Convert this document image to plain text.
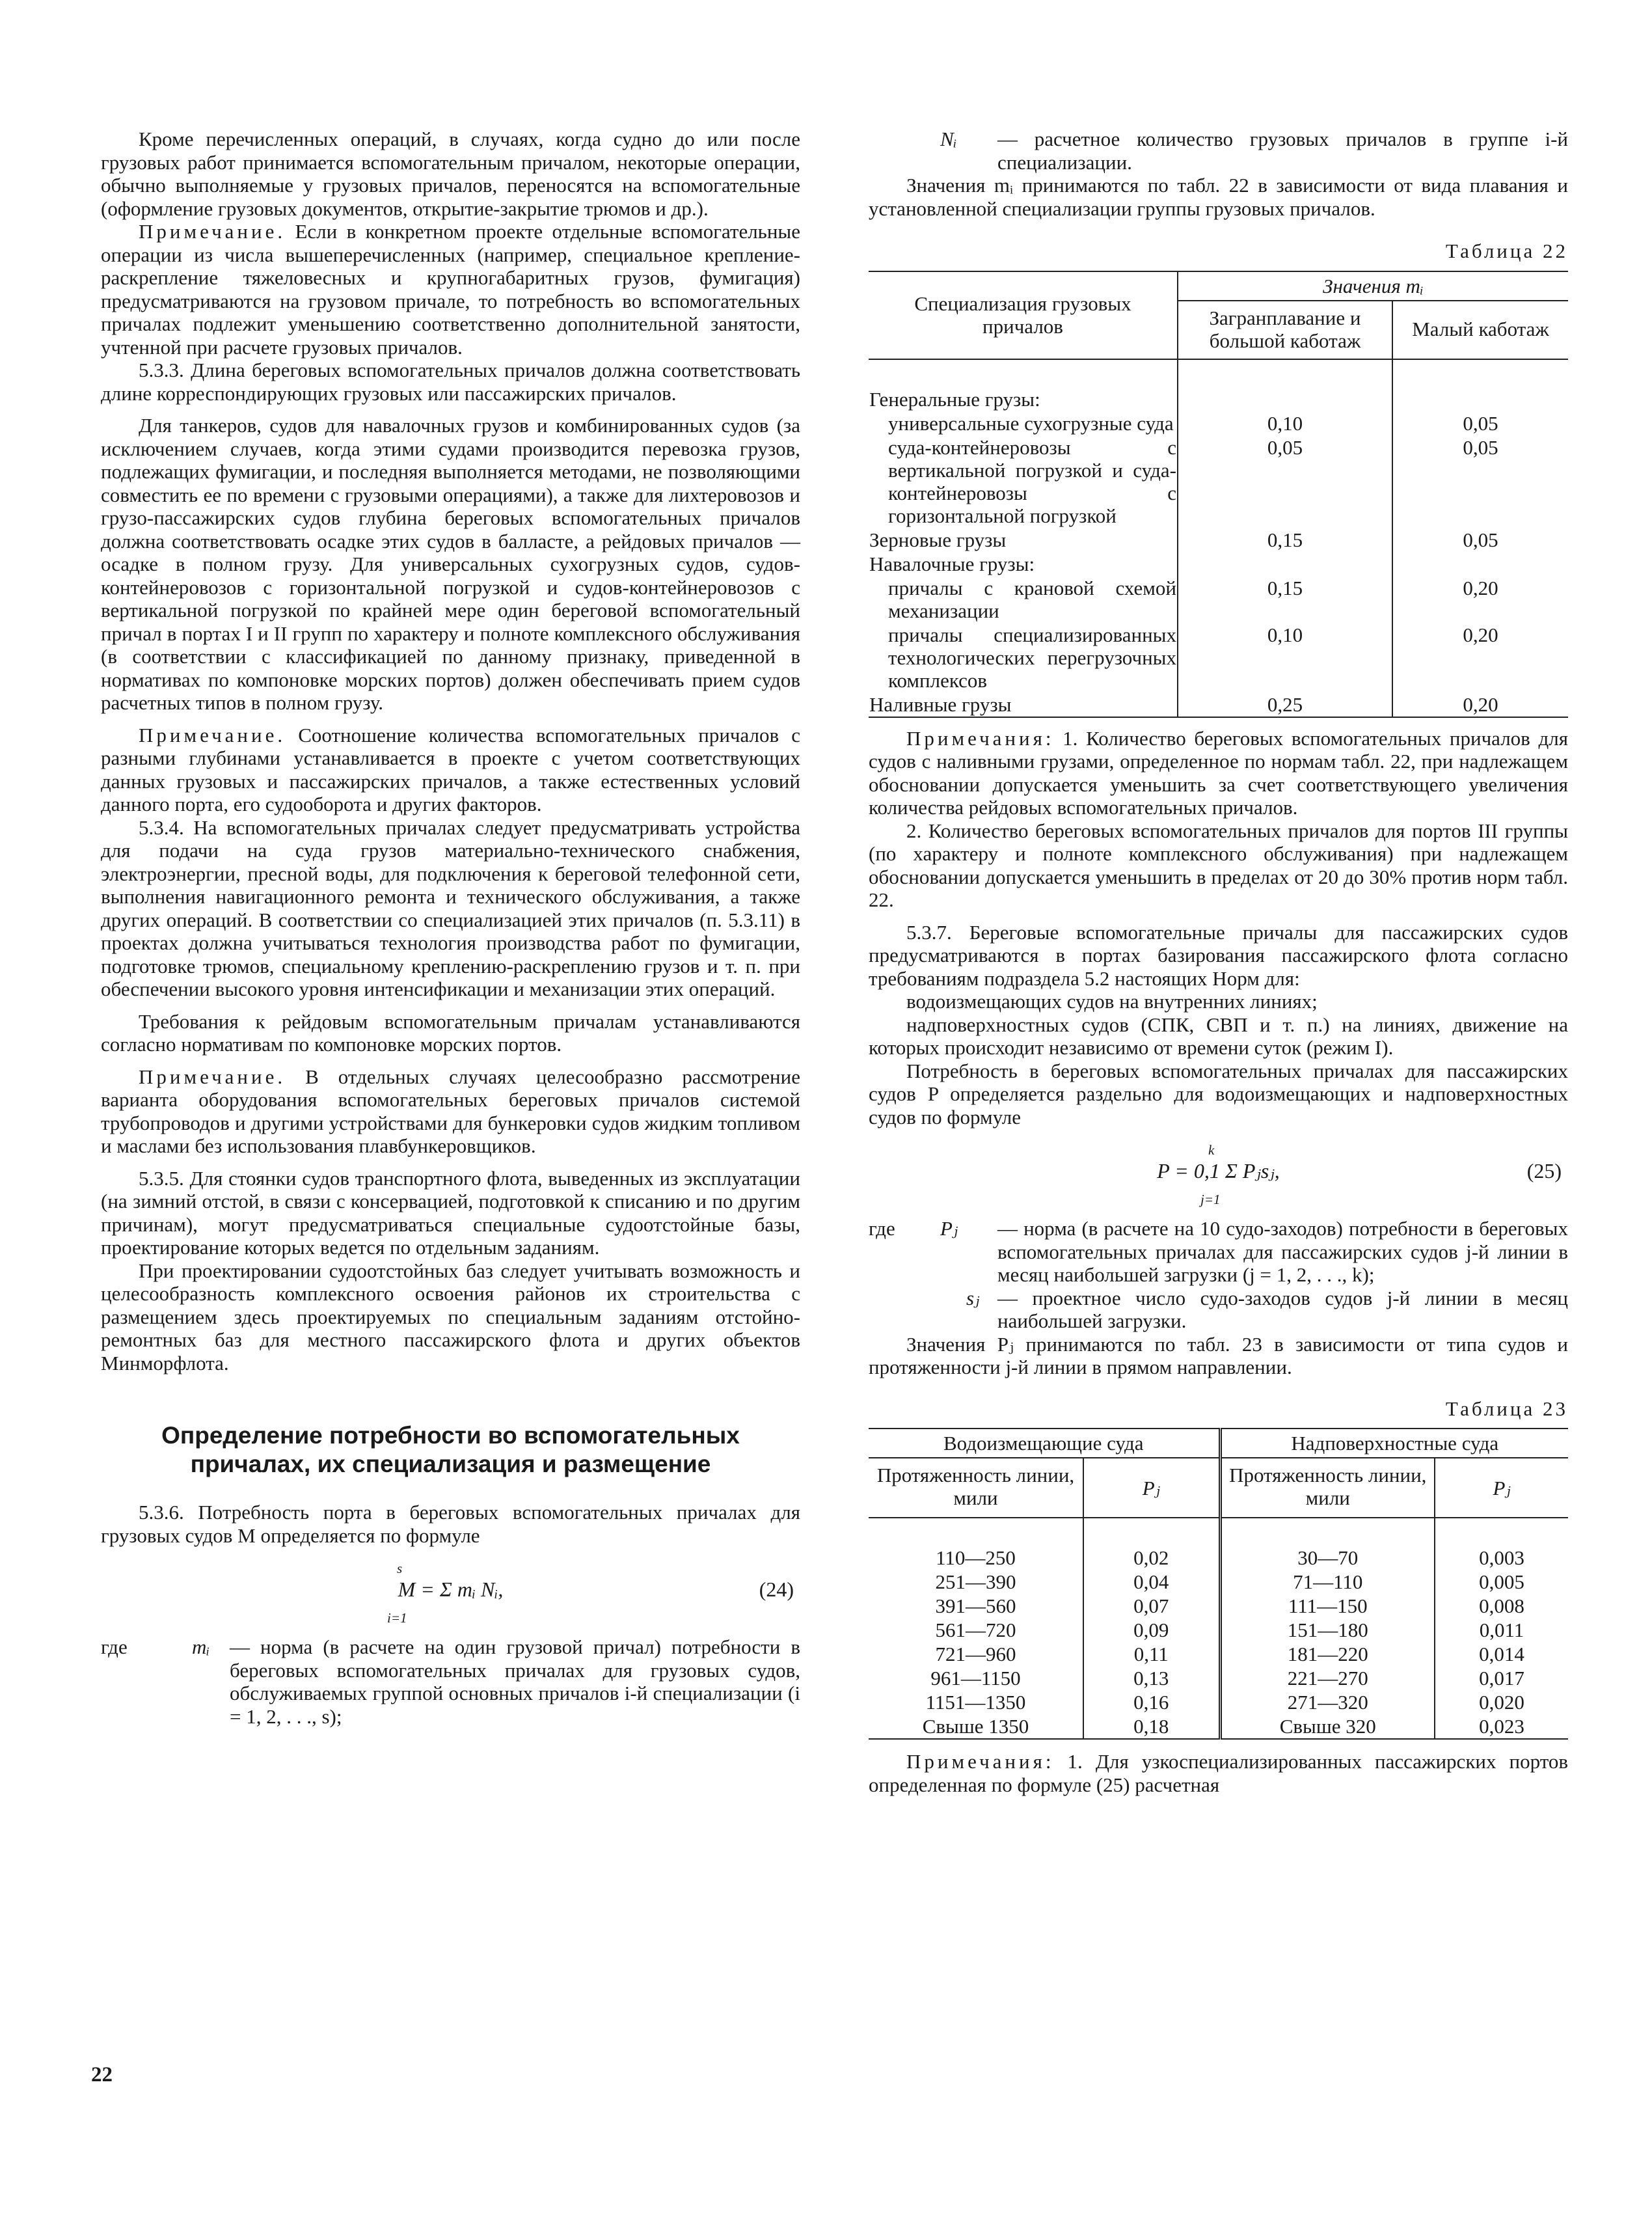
Кроме перечисленных операций, в случаях, когда судно до или после грузовых работ принимается вспомогательным причалом, некоторые операции, обычно выполняемые у грузовых причалов, переносятся на вспомогательные (оформление грузовых документов, открытие-закрытие трюмов и др.).

Примечание. Если в конкретном проекте отдельные вспомогательные операции из числа вышеперечисленных (например, специальное крепление-раскрепление тяжеловесных и крупногабаритных грузов, фумигация) предусматриваются на грузовом причале, то потребность во вспомогательных причалах подлежит уменьшению соответственно дополнительной занятости, учтенной при расчете грузовых причалов.

5.3.3. Длина береговых вспомогательных причалов должна соответствовать длине корреспондирующих грузовых или пассажирских причалов.

Для танкеров, судов для навалочных грузов и комбинированных судов (за исключением случаев, когда этими судами производится перевозка грузов, подлежащих фумигации, и последняя выполняется методами, не позволяющими совместить ее по времени с грузовыми операциями), а также для лихтеровозов и грузо-пассажирских судов глубина береговых вспомогательных причалов должна соответствовать осадке этих судов в балласте, а рейдовых причалов — осадке в полном грузу. Для универсальных сухогрузных судов, судов-контейнеровозов с горизонтальной погрузкой и судов-контейнеровозов с вертикальной погрузкой по крайней мере один береговой вспомогательный причал в портах I и II групп по характеру и полноте комплексного обслуживания (в соответствии с классификацией по данному признаку, приведенной в нормативах по компоновке морских портов) должен обеспечивать прием судов расчетных типов в полном грузу.

Примечание. Соотношение количества вспомогательных причалов с разными глубинами устанавливается в проекте с учетом соответствующих данных грузовых и пассажирских причалов, а также естественных условий данного порта, его судооборота и других факторов.

5.3.4. На вспомогательных причалах следует предусматривать устройства для подачи на суда грузов материально-технического снабжения, электроэнергии, пресной воды, для подключения к береговой телефонной сети, выполнения навигационного ремонта и технического обслуживания, а также других операций. В соответствии со специализацией этих причалов (п. 5.3.11) в проектах должна учитываться технология производства работ по фумигации, подготовке трюмов, специальному креплению-раскреплению грузов и т. п. при обеспечении высокого уровня интенсификации и механизации этих операций.

Требования к рейдовым вспомогательным причалам устанавливаются согласно нормативам по компоновке морских портов.

Примечание. В отдельных случаях целесообразно рассмотрение варианта оборудования вспомогательных береговых причалов системой трубопроводов и другими устройствами для бункеровки судов жидким топливом и маслами без использования плавбункеровщиков.

5.3.5. Для стоянки судов транспортного флота, выведенных из эксплуатации (на зимний отстой, в связи с консервацией, подготовкой к списанию и по другим причинам), могут предусматриваться специальные судоотстойные базы, проектирование которых ведется по отдельным заданиям.

При проектировании судоотстойных баз следует учитывать возможность и целесообразность комплексного освоения районов их строительства с размещением здесь проектируемых по специальным заданиям отстойно-ремонтных баз для местного пассажирского флота и других объектов Минморфлота.

Определение потребности во вспомогательных причалах, их специализация и размещение

5.3.6. Потребность порта в береговых вспомогательных причалах для грузовых судов M определяется по формуле

s
i=1
M = Σ mᵢ Nᵢ,	(24)
где	mᵢ — норма (в расчете на один грузовой причал) потребности в береговых вспомогательных причалах для грузовых судов, обслуживаемых группой основных причалов i-й специализации (i = 1, 2, . . ., s);
Nᵢ — расчетное количество грузовых причалов в группе i-й специализации.

Значения mᵢ принимаются по табл. 22 в зависимости от вида плавания и установленной специализации группы грузовых причалов.

Таблица 22
Специализация грузовых причалов	Значения mᵢ	
	Загранплавание и большой каботаж	Малый каботаж

Генеральные грузы:		
универсальные сухогрузные суда	0,10	0,05
суда-контейнеровозы с вертикальной погрузкой и суда-контейнеровозы с горизонтальной погрузкой	0,05	0,05
Зерновые грузы	0,15	0,05
Навалочные грузы:		
причалы с крановой схемой механизации	0,15	0,20
причалы специализированных технологических перегрузочных комплексов	0,10	0,20
Наливные грузы	0,25	0,20

Примечания: 1. Количество береговых вспомогательных причалов для судов с наливными грузами, определенное по нормам табл. 22, при надлежащем обосновании допускается уменьшить за счет соответствующего увеличения количества рейдовых вспомогательных причалов.

2. Количество береговых вспомогательных причалов для портов III группы (по характеру и полноте комплексного обслуживания) при надлежащем обосновании допускается уменьшить в пределах от 20 до 30% против норм табл. 22.

5.3.7. Береговые вспомогательные причалы для пассажирских судов предусматриваются в портах базирования пассажирского флота согласно требованиям подраздела 5.2 настоящих Норм для:

водоизмещающих судов на внутренних линиях;

надповерхностных судов (СПК, СВП и т. п.) на линиях, движение на которых происходит независимо от времени суток (режим I).

Потребность в береговых вспомогательных причалах для пассажирских судов P определяется раздельно для водоизмещающих и надповерхностных судов по формуле

k
j=1
P = 0,1 Σ Pⱼsⱼ,	(25)
где Pⱼ — норма (в расчете на 10 судо-заходов) потребности в береговых вспомогательных причалах для пассажирских судов j-й линии в месяц наибольшей загрузки (j = 1, 2, . . ., k);
sⱼ — проектное число судо-заходов судов j-й линии в месяц наибольшей загрузки.

Значения Pⱼ принимаются по табл. 23 в зависимости от типа судов и протяженности j-й линии в прямом направлении.

Таблица 23
Водоизмещающие суда		Надповерхностные суда	
Протяженность линии, мили	Pⱼ	Протяженность линии, мили	Pⱼ

110—250	0,02	30—70	0,003
251—390	0,04	71—110	0,005
391—560	0,07	111—150	0,008
561—720	0,09	151—180	0,011
721—960	0,11	181—220	0,014
961—1150	0,13	221—270	0,017
1151—1350	0,16	271—320	0,020
Свыше 1350	0,18	Свыше 320	0,023

Примечания: 1. Для узкоспециализированных пассажирских портов определенная по формуле (25) расчетная

22
